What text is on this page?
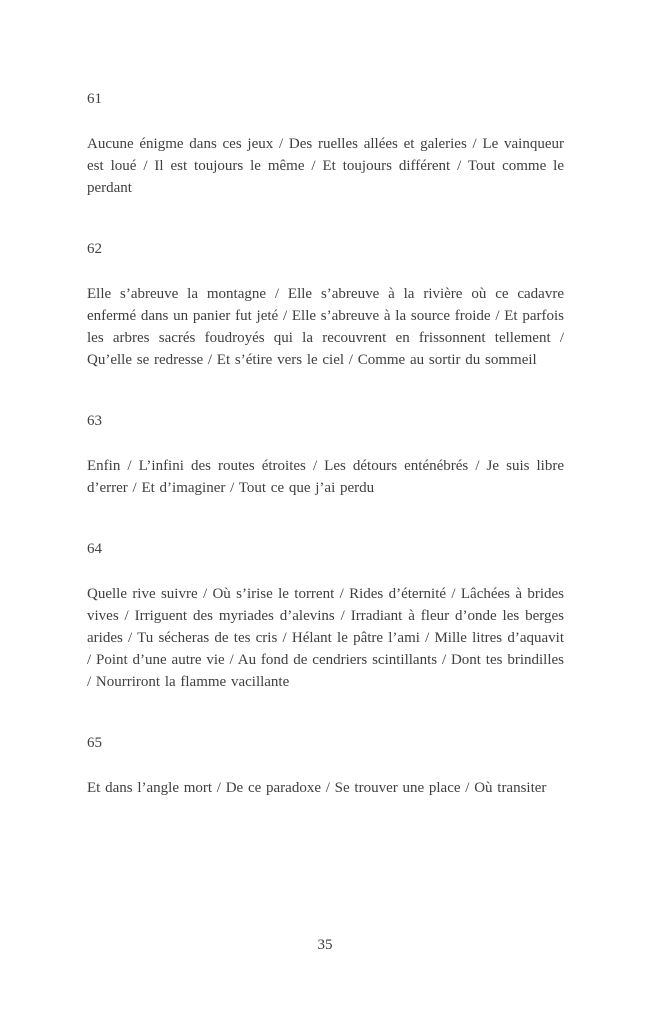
61

Aucune énigme dans ces jeux / Des ruelles allées et galeries / Le vainqueur est loué / Il est toujours le même / Et toujours différent / Tout comme le perdant

62

Elle s’abreuve la montagne / Elle s’abreuve à la rivière où ce cadavre enfermé dans un panier fut jeté / Elle s’abreuve à la source froide / Et parfois les arbres sacrés foudroyés qui la recouvrent en frissonnent tellement / Qu’elle se redresse / Et s’étire vers le ciel / Comme au sortir du sommeil

63

Enfin / L’infini des routes étroites / Les détours enténébrés / Je suis libre d’errer / Et d’imaginer / Tout ce que j’ai perdu

64

Quelle rive suivre / Où s’irise le torrent / Rides d’éternité / Lâchées à brides vives / Irriguent des myriades d’alevins / Irradiant à fleur d’onde les berges arides / Tu sécheras de tes cris / Hélant le pâtre l’ami / Mille litres d’aquavit / Point d’une autre vie / Au fond de cendriers scintillants / Dont tes brindilles / Nourriront la flamme vacillante

65

Et dans l’angle mort / De ce paradoxe / Se trouver une place / Où transiter

35
